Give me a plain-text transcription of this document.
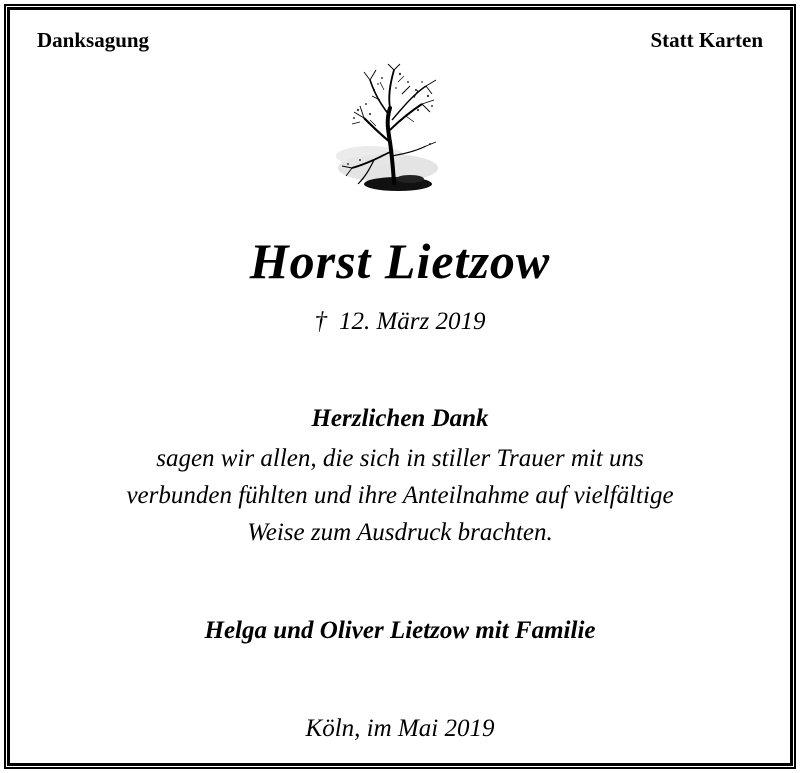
Danksagung	Statt Karten
Horst Lietzow
† 12. März 2019
Herzlichen Dank
sagen wir allen, die sich in stiller Trauer mit uns
verbunden fühlten und ihre Anteilnahme auf vielfältige
Weise zum Ausdruck brachten.
Helga und Oliver Lietzow mit Familie
Köln, im Mai 2019
